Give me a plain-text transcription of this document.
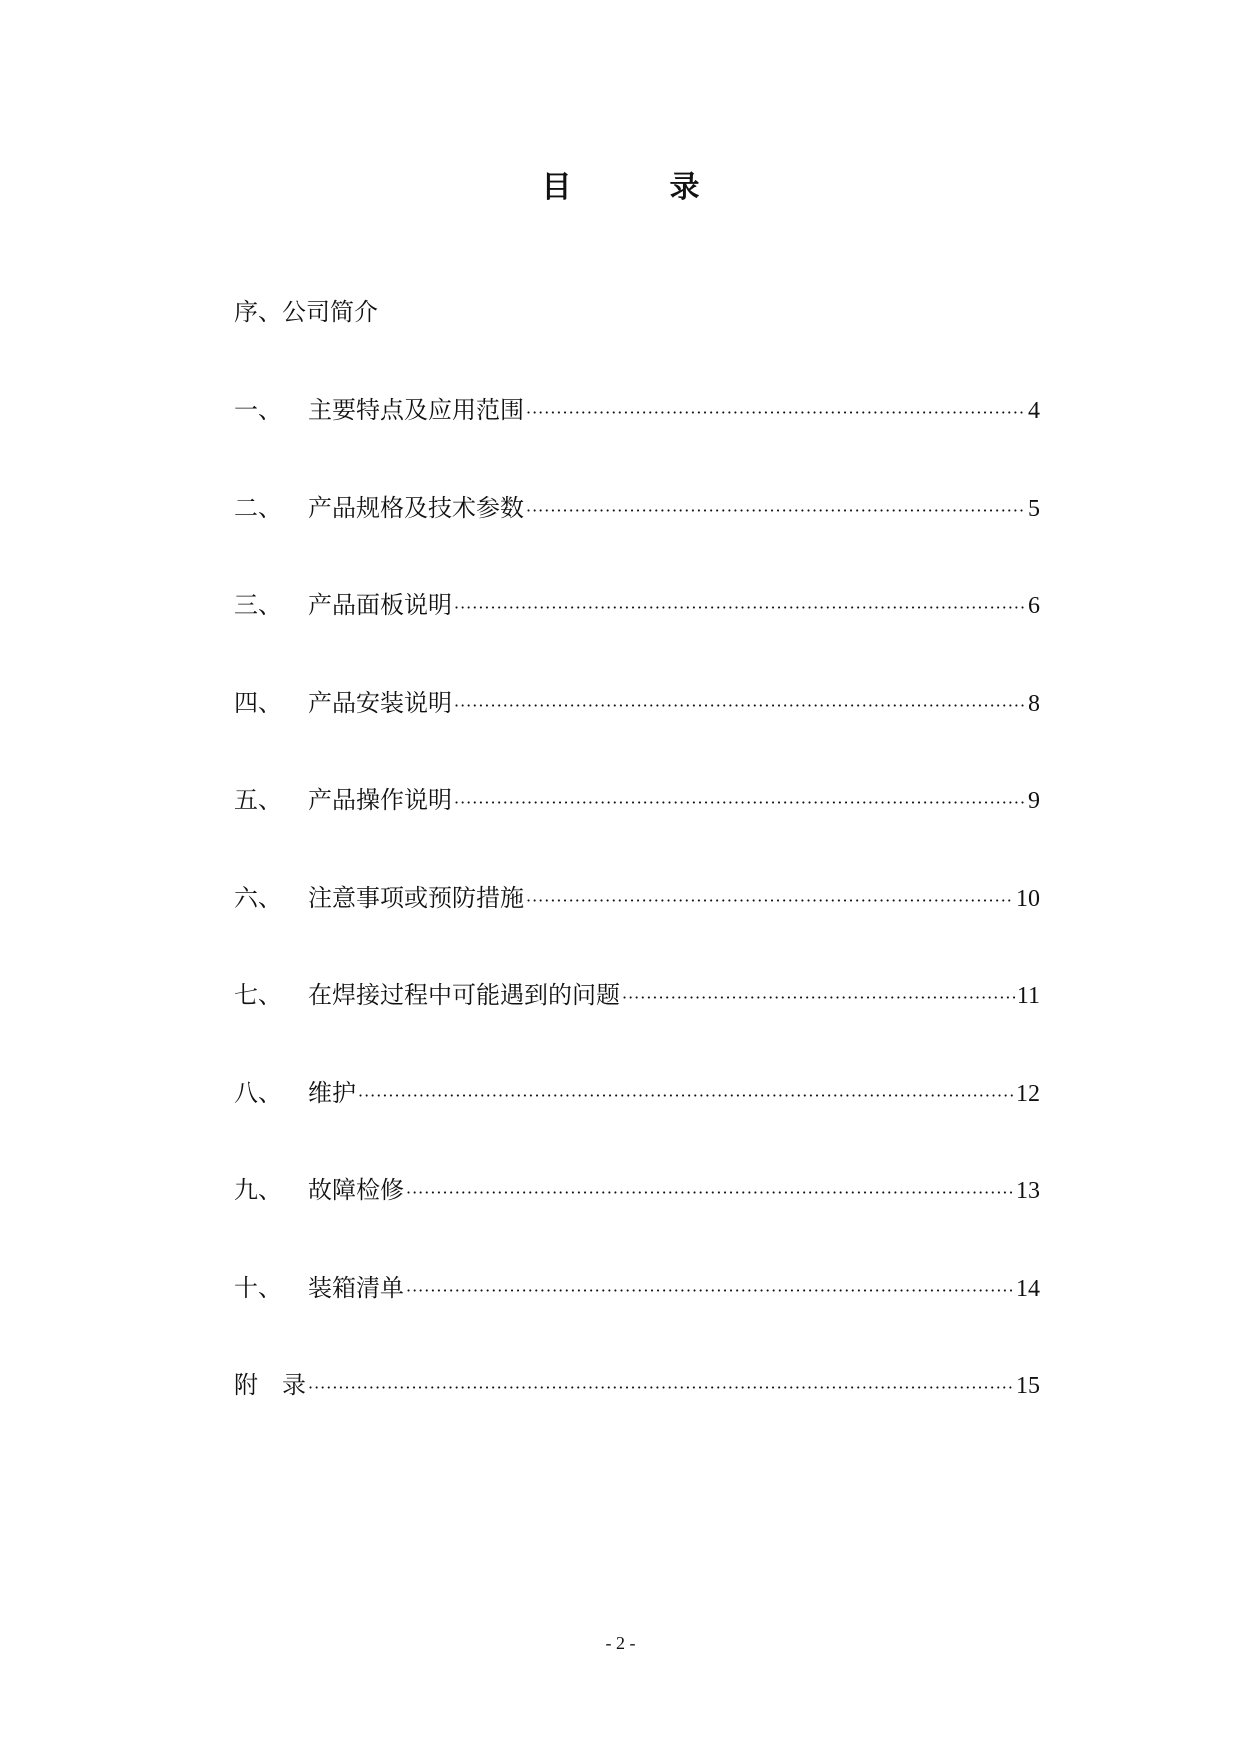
目　录
序、公司简介
一、	主要特点及应用范围 ·····	4
二、	产品规格及技术参数 ·····	5
三、	产品面板说明 ·····	6
四、	产品安装说明 ·····	8
五、	产品操作说明 ·····	9
六、	注意事项或预防措施 ·····	10
七、	在焊接过程中可能遇到的问题 ·····	11
八、	维护 ·····	12
九、	故障检修 ·····	13
十、	装箱清单 ·····	14
附　录 ·····	15
- 2 -
